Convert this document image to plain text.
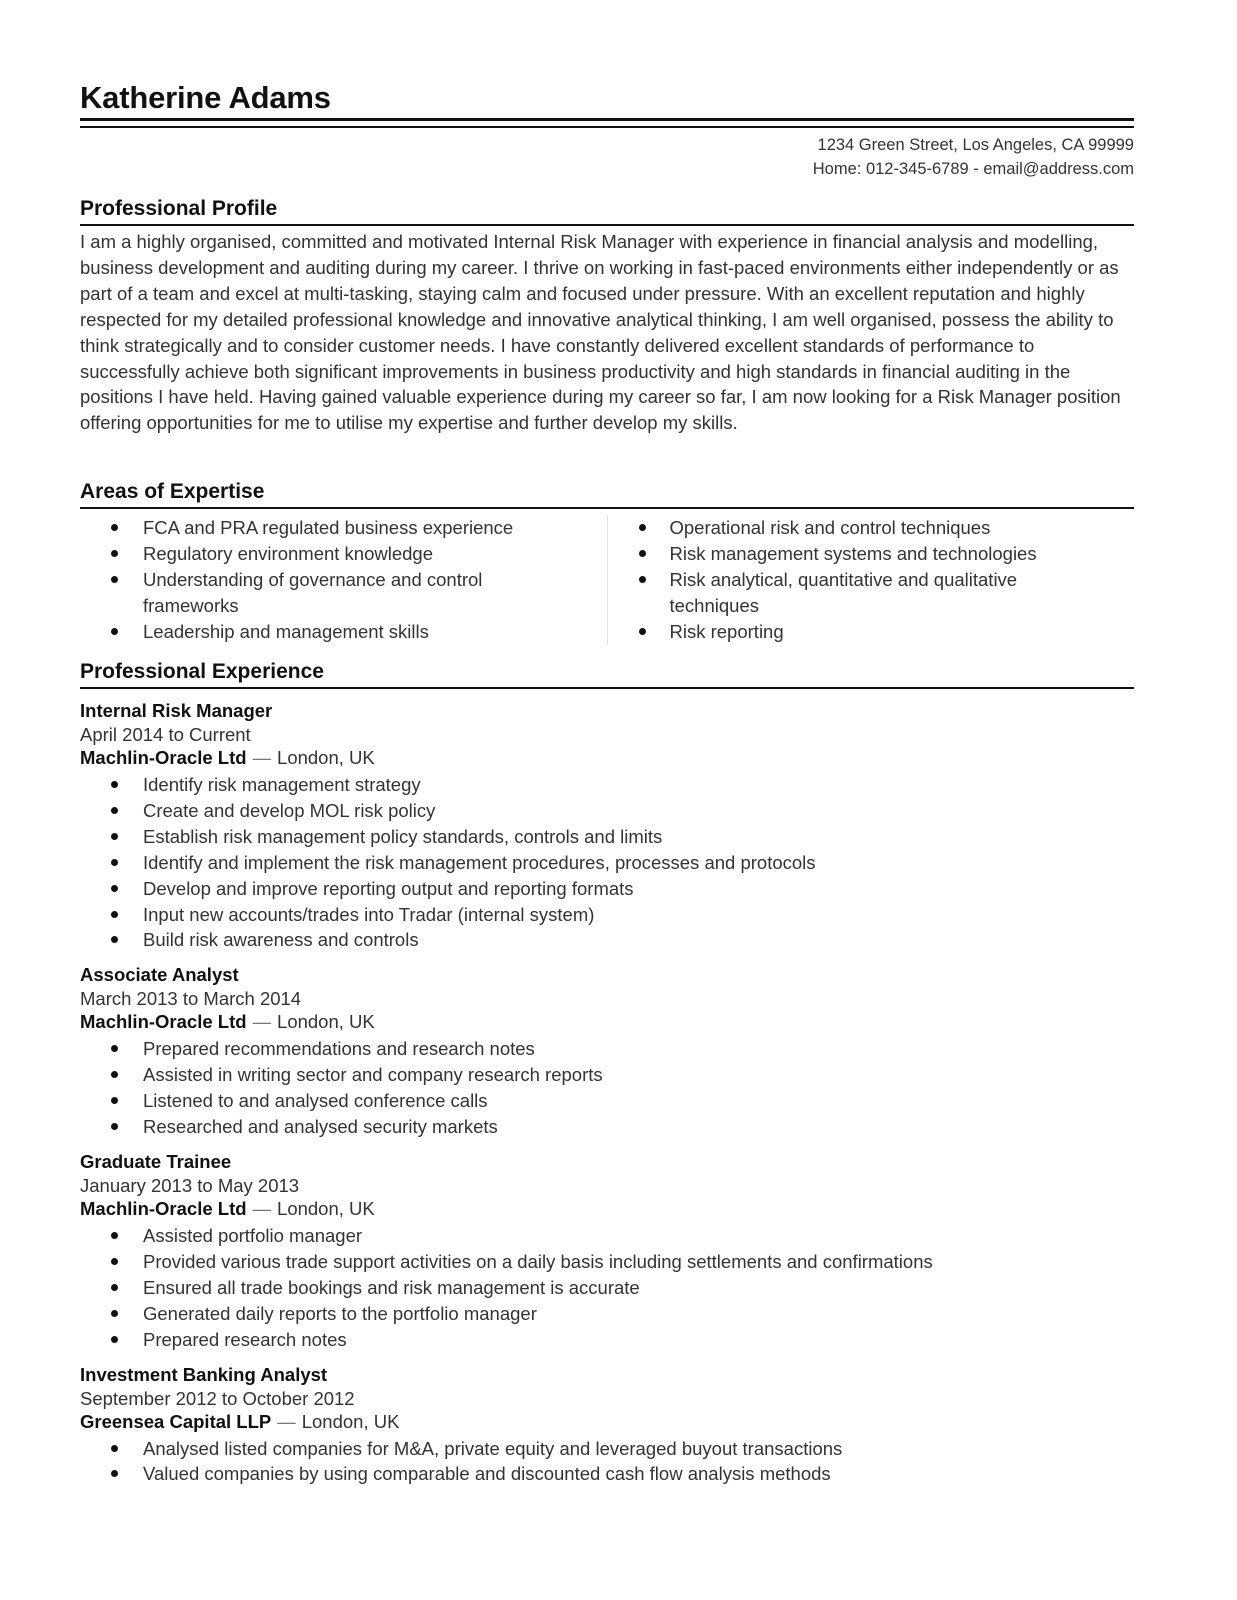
Katherine Adams
1234 Green Street, Los Angeles, CA 99999
Home: 012-345-6789 - email@address.com
Professional Profile
I am a highly organised, committed and motivated Internal Risk Manager with experience in financial analysis and modelling, business development and auditing during my career. I thrive on working in fast-paced environments either independently or as part of a team and excel at multi-tasking, staying calm and focused under pressure. With an excellent reputation and highly respected for my detailed professional knowledge and innovative analytical thinking, I am well organised, possess the ability to think strategically and to consider customer needs. I have constantly delivered excellent standards of performance to successfully achieve both significant improvements in business productivity and high standards in financial auditing in the positions I have held. Having gained valuable experience during my career so far, I am now looking for a Risk Manager position offering opportunities for me to utilise my expertise and further develop my skills.
Areas of Expertise
FCA and PRA regulated business experience
Regulatory environment knowledge
Understanding of governance and control frameworks
Leadership and management skills
Operational risk and control techniques
Risk management systems and technologies
Risk analytical, quantitative and qualitative techniques
Risk reporting
Professional Experience
Internal Risk Manager
April 2014 to Current
Machlin-Oracle Ltd — London, UK
Identify risk management strategy
Create and develop MOL risk policy
Establish risk management policy standards, controls and limits
Identify and implement the risk management procedures, processes and protocols
Develop and improve reporting output and reporting formats
Input new accounts/trades into Tradar (internal system)
Build risk awareness and controls
Associate Analyst
March 2013 to March 2014
Machlin-Oracle Ltd — London, UK
Prepared recommendations and research notes
Assisted in writing sector and company research reports
Listened to and analysed conference calls
Researched and analysed security markets
Graduate Trainee
January 2013 to May 2013
Machlin-Oracle Ltd — London, UK
Assisted portfolio manager
Provided various trade support activities on a daily basis including settlements and confirmations
Ensured all trade bookings and risk management is accurate
Generated daily reports to the portfolio manager
Prepared research notes
Investment Banking Analyst
September 2012 to October 2012
Greensea Capital LLP — London, UK
Analysed listed companies for M&A, private equity and leveraged buyout transactions
Valued companies by using comparable and discounted cash flow analysis methods
